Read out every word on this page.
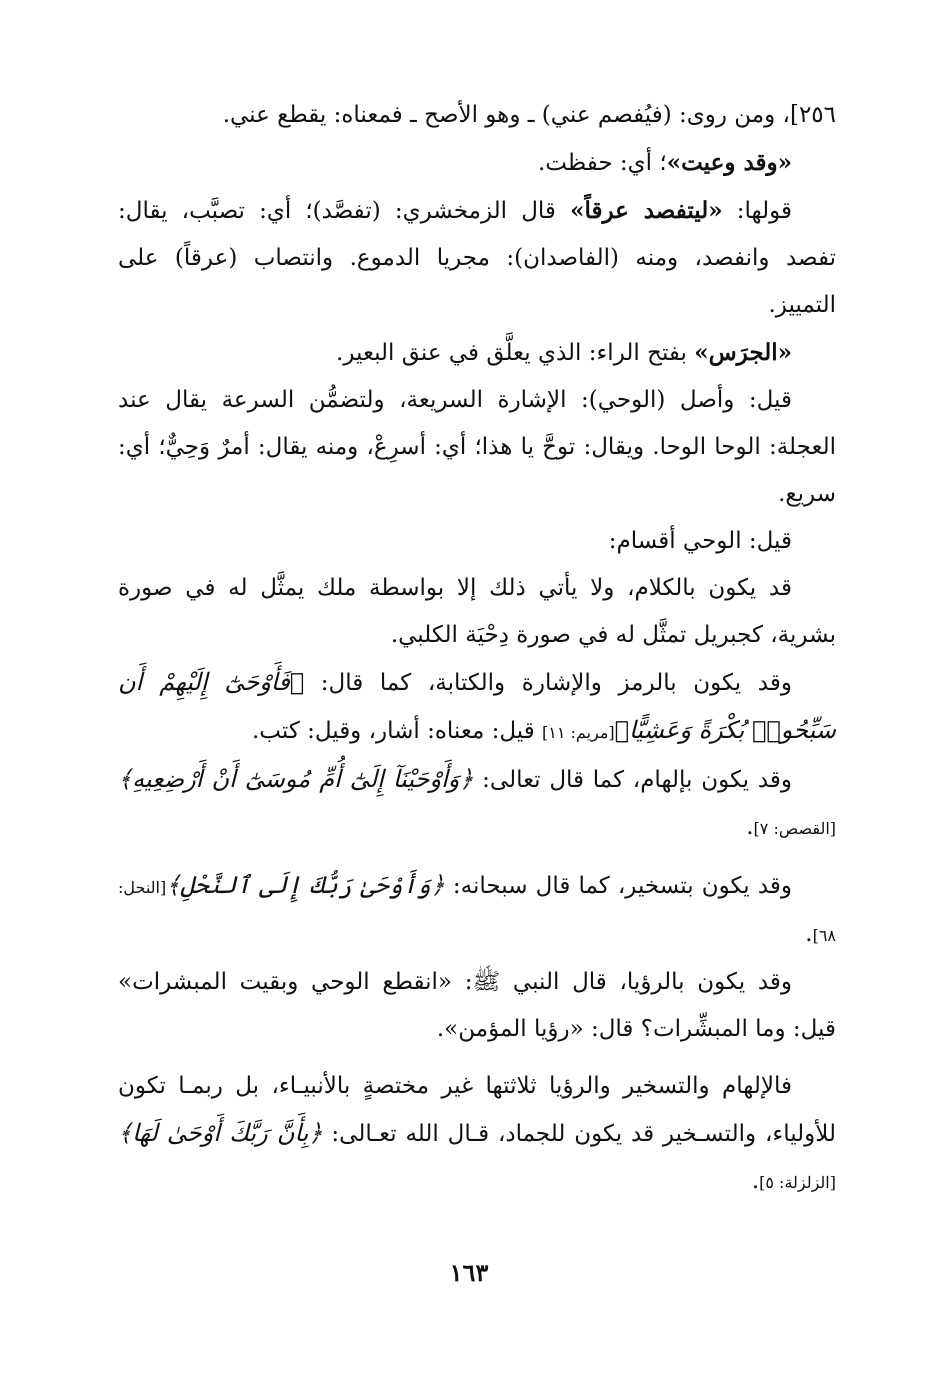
٢٥٦]، ومن روى: (فيُفصم عني) ـ وهو الأصح ـ فمعناه: يقطع عني.

«وقد وعيت»؛ أي: حفظت.

قولها: «ليتفصد عرقاً» قال الزمخشري: (تفصَّد)؛ أي: تصبَّب، يقال: تفصد وانفصد، ومنه (الفاصدان): مجريا الدموع. وانتصاب (عرقاً) على التمييز.

«الجرَس» بفتح الراء: الذي يعلَّق في عنق البعير.

قيل: وأصل (الوحي): الإشارة السريعة، ولتضمُّن السرعة يقال عند العجلة: الوحا الوحا. ويقال: توحَّ يا هذا؛ أي: أسرِعْ، ومنه يقال: أمرٌ وَحِيٌّ؛ أي: سريع.

قيل: الوحي أقسام:

قد يكون بالكلام، ولا يأتي ذلك إلا بواسطة ملك يمثَّل له في صورة بشرية، كجبريل تمثَّل له في صورة دِحْيَة الكلبي.

وقد يكون بالرمز والإشارة والكتابة، كما قال: ﴿فَأَوْحَىٰٓ إِلَيْهِمْ أَن سَبِّحُوا۟ بُكْرَةً وَعَشِيًّا﴾[مريم: ١١] قيل: معناه: أشار، وقيل: كتب.

وقد يكون بإلهام، كما قال تعالى: ﴿وَأَوْحَيْنَآ إِلَىٰٓ أُمِّ مُوسَىٰٓ أَنْ أَرْضِعِيهِ﴾ [القصص: ٧].

وقد يكون بتسخير، كما قال سبحانه: ﴿وَأَوْحَىٰ رَبُّكَ إِلَى ٱلنَّحْلِ﴾[النحل: ٦٨].

وقد يكون بالرؤيا، قال النبي ﷺ: «انقطع الوحي وبقيت المبشرات» قيل: وما المبشِّرات؟ قال: «رؤيا المؤمن».

فالإلهام والتسخير والرؤيا ثلاثتها غير مختصةٍ بالأنبيـاء، بل ربمـا تكون للأولياء، والتسـخير قد يكون للجماد، قـال الله تعـالى: ﴿بِأَنَّ رَبَّكَ أَوْحَىٰ لَهَا﴾[الزلزلة: ٥].

١٦٣
